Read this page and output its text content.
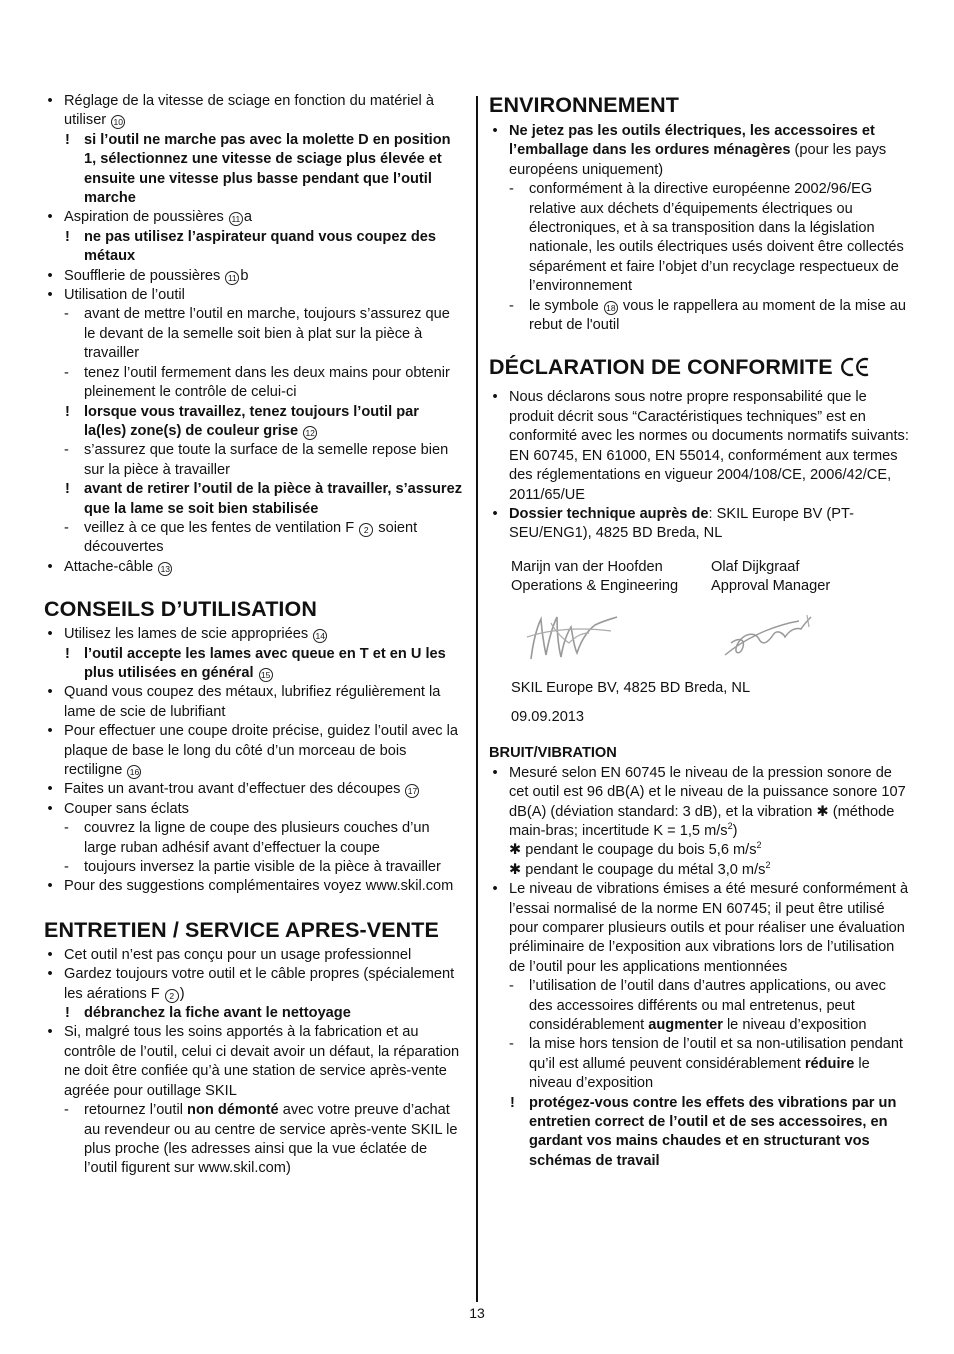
• Réglage de la vitesse de sciage en fonction du matériel à utiliser 10
! si l’outil ne marche pas avec la molette D en position 1, sélectionnez une vitesse de sciage plus élevée et ensuite une vitesse plus basse pendant que l’outil marche
• Aspiration de poussières 11 a
! ne pas utilisez l’aspirateur quand vous coupez des métaux
• Soufflerie de poussières 11 b
• Utilisation de l’outil
- avant de mettre l’outil en marche, toujours s’assurez que le devant de la semelle soit bien à plat sur la pièce à travailler
- tenez l’outil fermement dans les deux mains pour obtenir pleinement le contrôle de celui-ci
! lorsque vous travaillez, tenez toujours l’outil par la(les) zone(s) de couleur grise 12
- s’assurez que toute la surface de la semelle repose bien sur la pièce à travailler
! avant de retirer l’outil de la pièce à travailler, s’assurez que la lame se soit bien stabilisée
- veillez à ce que les fentes de ventilation F 2 soient découvertes
• Attache-câble 13
CONSEILS D’UTILISATION
• Utilisez les lames de scie appropriées 14
! l’outil accepte les lames avec queue en T et en U les plus utilisées en général 15
• Quand vous coupez des métaux, lubrifiez régulièrement la lame de scie de lubrifiant
• Pour effectuer une coupe droite précise, guidez l’outil avec la plaque de base le long du côté d’un morceau de bois rectiligne 16
• Faites un avant-trou avant d’effectuer des découpes 17
• Couper sans éclats
- couvrez la ligne de coupe des plusieurs couches d’un large ruban adhésif avant d’effectuer la coupe
- toujours inversez la partie visible de la pièce à travailler
• Pour des suggestions complémentaires voyez www.skil.com
ENTRETIEN / SERVICE APRES-VENTE
• Cet outil n’est pas conçu pour un usage professionnel
• Gardez toujours votre outil et le câble propres (spécialement les aérations F 2 )
! débranchez la fiche avant le nettoyage
• Si, malgré tous les soins apportés à la fabrication et au contrôle de l’outil, celui ci devait avoir un défaut, la réparation ne doit être confiée qu’à une station de service après-vente agréée pour outillage SKIL
- retournez l’outil non démonté avec votre preuve d’achat au revendeur ou au centre de service après-vente SKIL le plus proche (les adresses ainsi que la vue éclatée de l’outil figurent sur www.skil.com)
ENVIRONNEMENT
• Ne jetez pas les outils électriques, les accessoires et l’emballage dans les ordures ménagères (pour les pays européens uniquement)
- conformément à la directive européenne 2002/96/EG relative aux déchets d’équipements électriques ou électroniques, et à sa transposition dans la législation nationale, les outils électriques usés doivent être collectés séparément et faire l’objet d’un recyclage respectueux de l’environnement
- le symbole 18 vous le rappellera au moment de la mise au rebut de l'outil
DÉCLARATION DE CONFORMITE
• Nous déclarons sous notre propre responsabilité que le produit décrit sous “Caractéristiques techniques” est en conformité avec les normes ou documents normatifs suivants: EN 60745, EN 61000, EN 55014, conformément aux termes des réglementations en vigueur 2004/108/CE, 2006/42/CE, 2011/65/UE
• Dossier technique auprès de: SKIL Europe BV (PT-SEU/ENG1), 4825 BD Breda, NL
Marijn van der Hoofden
Operations & Engineering
Olaf Dijkgraaf
Approval Manager
SKIL Europe BV, 4825 BD Breda, NL
09.09.2013
BRUIT/VIBRATION
• Mesuré selon EN 60745 le niveau de la pression sonore de cet outil est 96 dB(A) et le niveau de la puissance sonore 107 dB(A) (déviation standard: 3 dB), et la vibration ✱ (méthode main-bras; incertitude K = 1,5 $m/s^2$)
✱ pendant le coupage du bois 5,6 $m/s^2$
✱ pendant le coupage du métal 3,0 $m/s^2$
• Le niveau de vibrations émises a été mesuré conformément à l’essai normalisé de la norme EN 60745; il peut être utilisé pour comparer plusieurs outils et pour réaliser une évaluation préliminaire de l’exposition aux vibrations lors de l’utilisation de l’outil pour les applications mentionnées
- l’utilisation de l’outil dans d’autres applications, ou avec des accessoires différents ou mal entretenus, peut considérablement augmenter le niveau d’exposition
- la mise hors tension de l’outil et sa non-utilisation pendant qu’il est allumé peuvent considérablement réduire le niveau d’exposition
! protégez-vous contre les effets des vibrations par un entretien correct de l’outil et de ses accessoires, en gardant vos mains chaudes et en structurant vos schémas de travail
13
